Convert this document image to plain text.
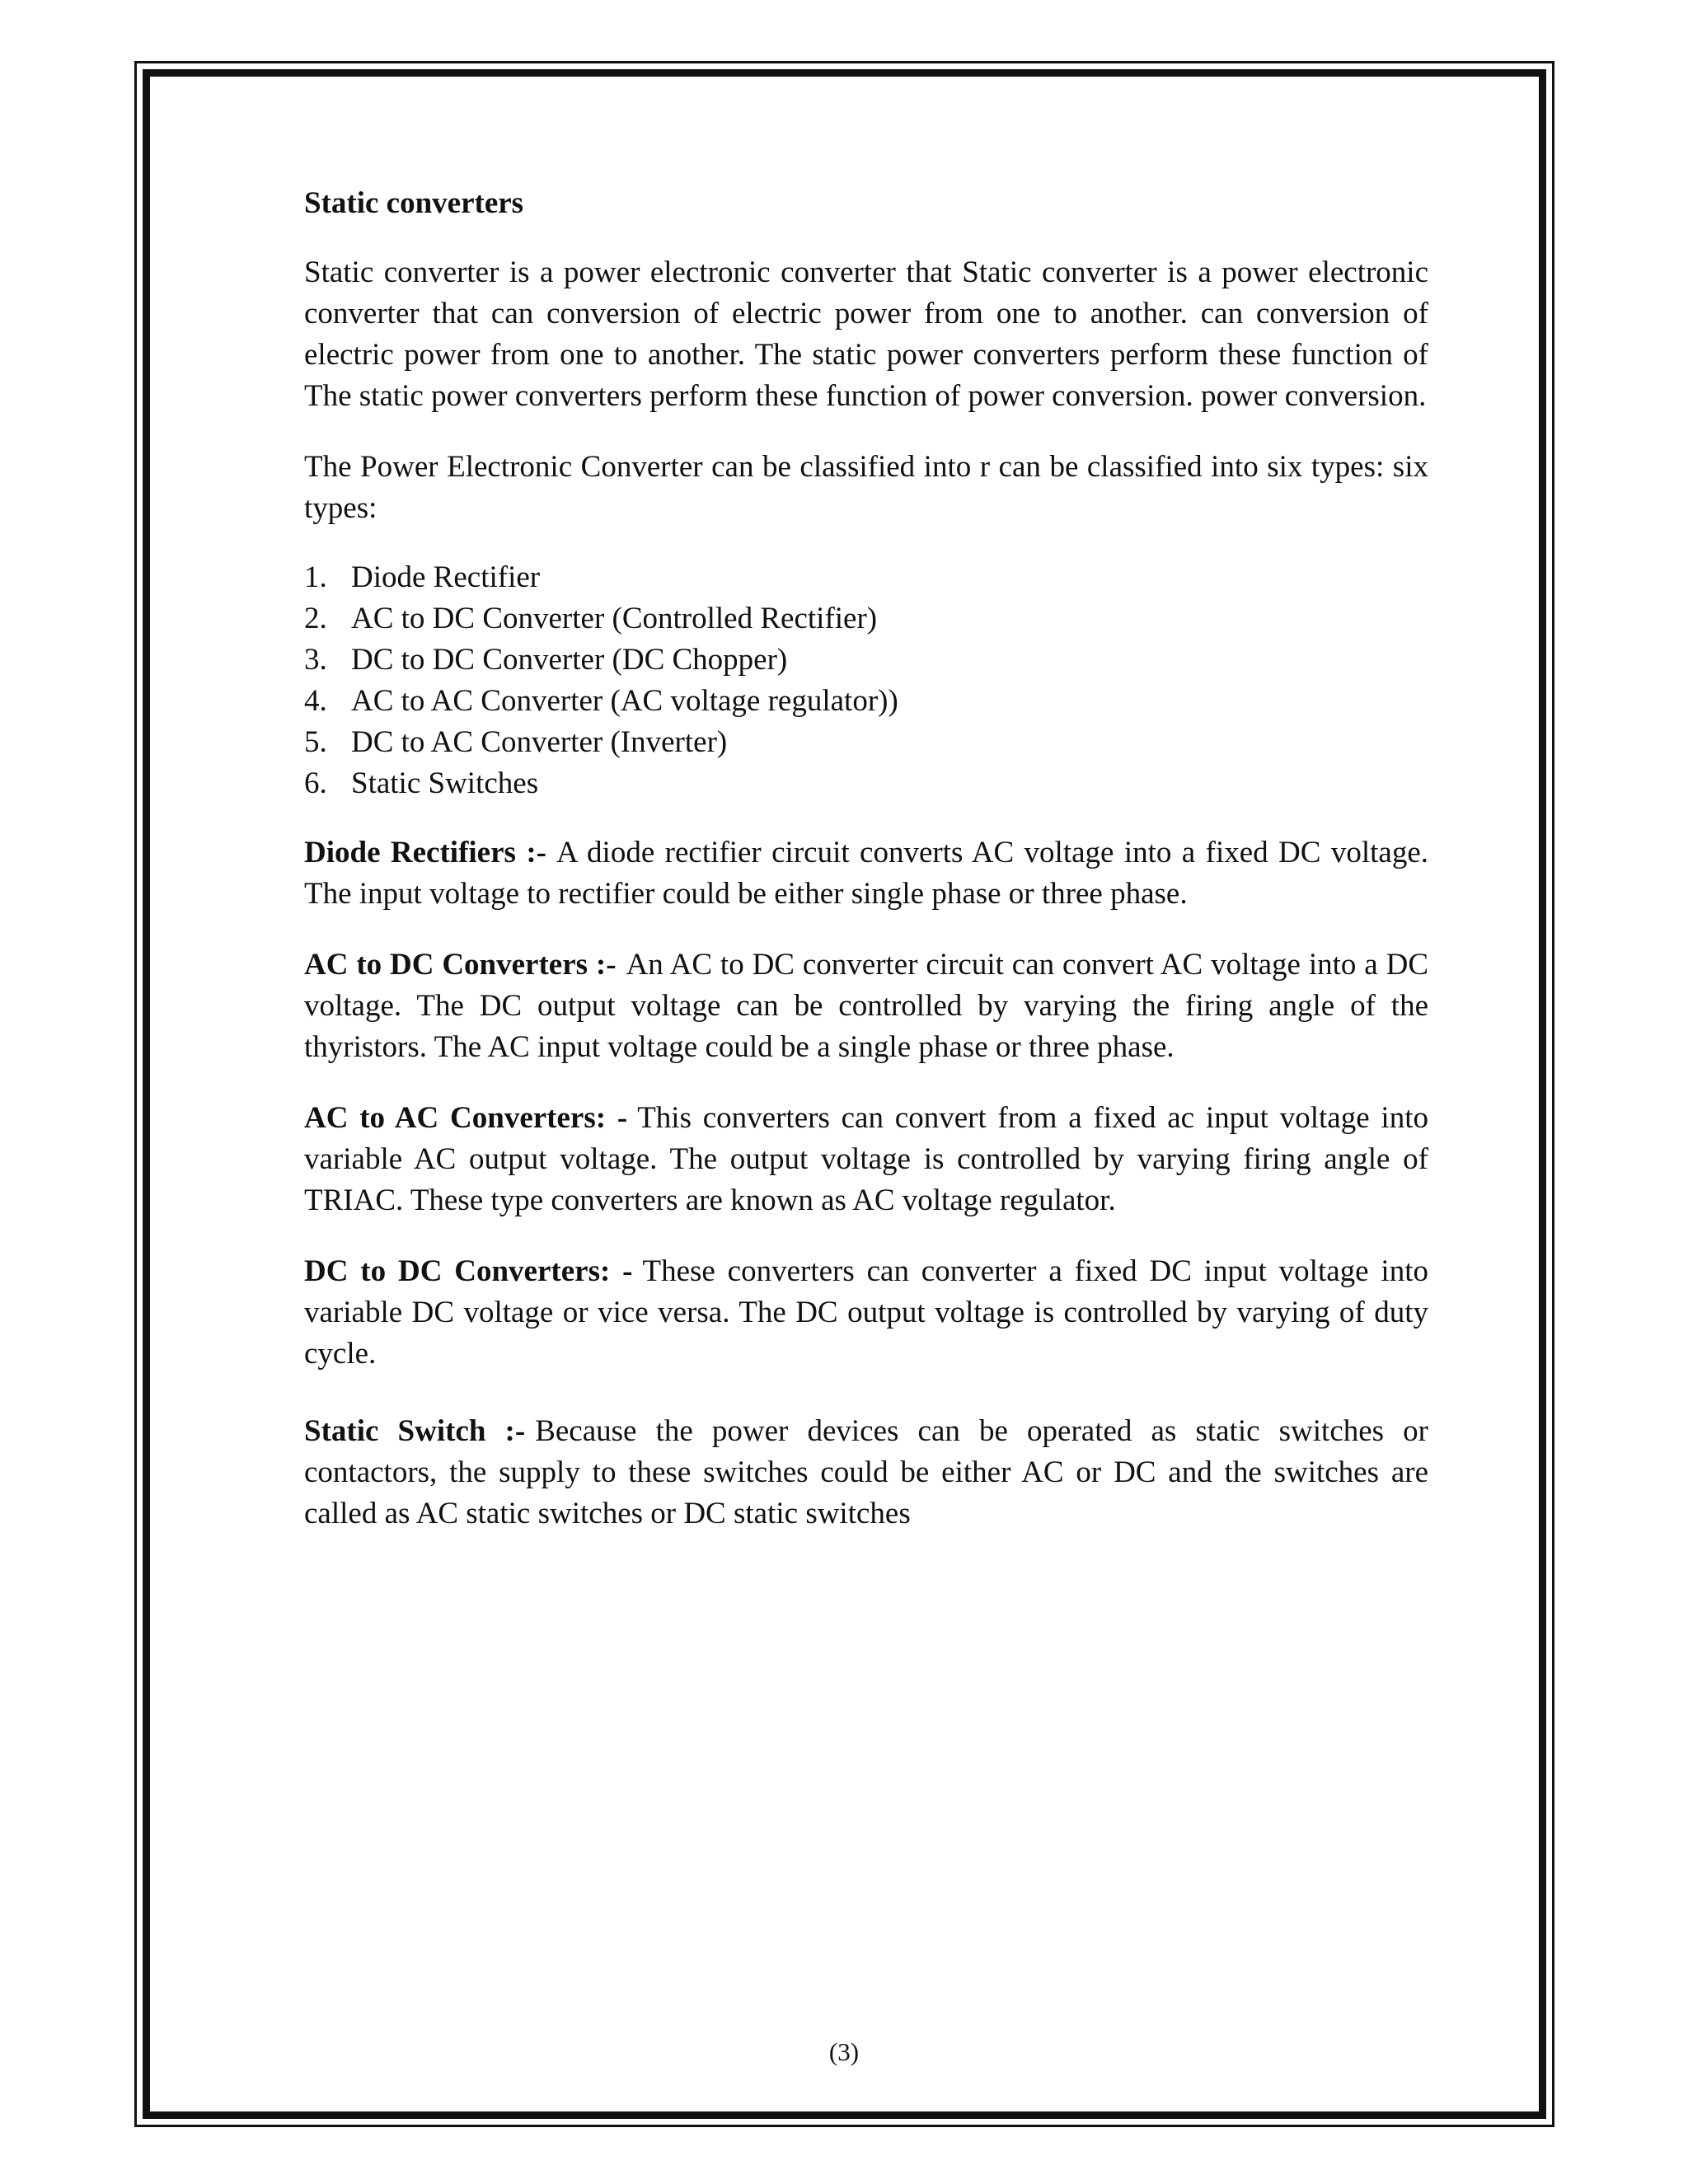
Static converters

Static converter is a power electronic converter that Static converter is a power electronic converter that can conversion of electric power from one to another. can conversion of electric power from one to another. The static power converters perform these function of The static power converters perform these function of power conversion. power conversion.

The Power Electronic Converter can be classified into r can be classified into six types: six types:

1. Diode Rectifier
2. AC to DC Converter (Controlled Rectifier)
3. DC to DC Converter (DC Chopper)
4. AC to AC Converter (AC voltage regulator))
5. DC to AC Converter (Inverter)
6. Static Switches

Diode Rectifiers :- A diode rectifier circuit converts AC voltage into a fixed DC voltage. The input voltage to rectifier could be either single phase or three phase.

AC to DC Converters :- An AC to DC converter circuit can convert AC voltage into a DC voltage. The DC output voltage can be controlled by varying the firing angle of the thyristors. The AC input voltage could be a single phase or three phase.

AC to AC Converters: - This converters can convert from a fixed ac input voltage into variable AC output voltage. The output voltage is controlled by varying firing angle of TRIAC. These type converters are known as AC voltage regulator.

DC to DC Converters: - These converters can converter a fixed DC input voltage into variable DC voltage or vice versa. The DC output voltage is controlled by varying of duty cycle.

Static Switch :- Because the power devices can be operated as static switches or contactors, the supply to these switches could be either AC or DC and the switches are called as AC static switches or DC static switches

(3)
